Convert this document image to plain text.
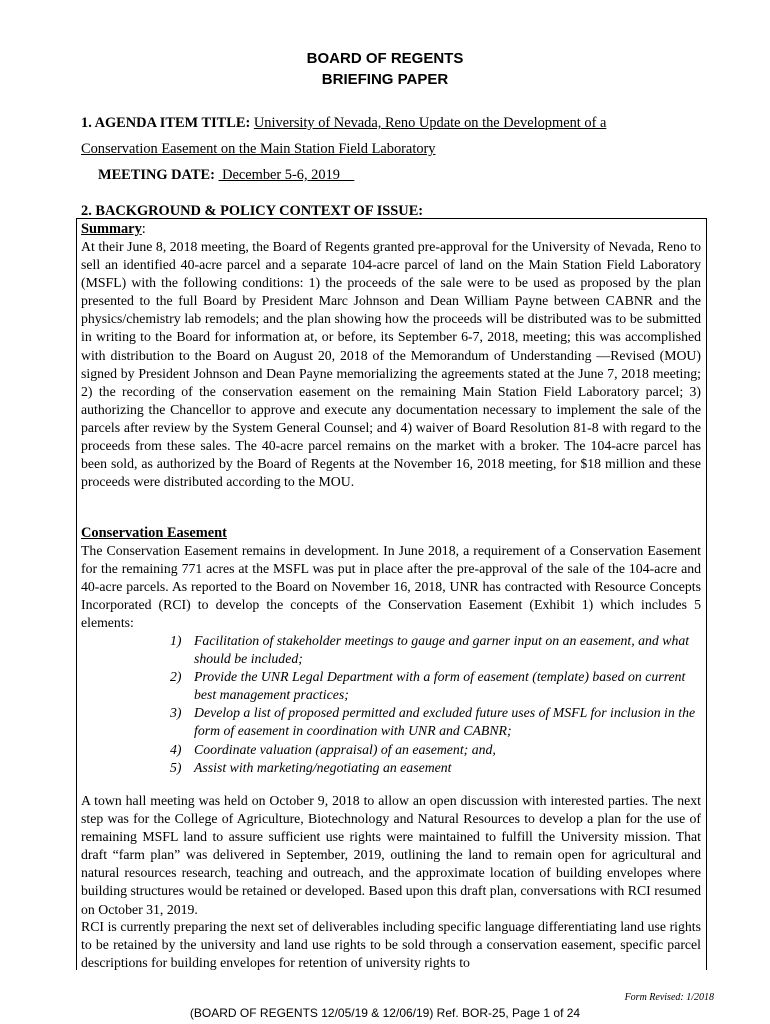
BOARD OF REGENTS
BRIEFING PAPER
1. AGENDA ITEM TITLE: University of Nevada, Reno Update on the Development of a
Conservation Easement on the Main Station Field Laboratory
MEETING DATE:  December 5-6, 2019
2. BACKGROUND & POLICY CONTEXT OF ISSUE:
Summary:
At their June 8, 2018 meeting, the Board of Regents granted pre-approval for the University of Nevada, Reno to sell an identified 40-acre parcel and a separate 104-acre parcel of land on the Main Station Field Laboratory (MSFL) with the following conditions: 1) the proceeds of the sale were to be used as proposed by the plan presented to the full Board by President Marc Johnson and Dean William Payne between CABNR and the physics/chemistry lab remodels; and the plan showing how the proceeds will be distributed was to be submitted in writing to the Board for information at, or before, its September 6-7, 2018, meeting; this was accomplished with distribution to the Board on August 20, 2018 of the Memorandum of Understanding —Revised (MOU) signed by President Johnson and Dean Payne memorializing the agreements stated at the June 7, 2018 meeting; 2) the recording of the conservation easement on the remaining Main Station Field Laboratory parcel; 3) authorizing the Chancellor to approve and execute any documentation necessary to implement the sale of the parcels after review by the System General Counsel; and 4) waiver of Board Resolution 81-8 with regard to the proceeds from these sales. The 40-acre parcel remains on the market with a broker. The 104-acre parcel has been sold, as authorized by the Board of Regents at the November 16, 2018 meeting, for $18 million and these proceeds were distributed according to the MOU.
Conservation Easement
The Conservation Easement remains in development. In June 2018, a requirement of a Conservation Easement for the remaining 771 acres at the MSFL was put in place after the pre-approval of the sale of the 104-acre and 40-acre parcels. As reported to the Board on November 16, 2018, UNR has contracted with Resource Concepts Incorporated (RCI) to develop the concepts of the Conservation Easement (Exhibit 1) which includes 5 elements:
1) Facilitation of stakeholder meetings to gauge and garner input on an easement, and what should be included;
2) Provide the UNR Legal Department with a form of easement (template) based on current best management practices;
3) Develop a list of proposed permitted and excluded future uses of MSFL for inclusion in the form of easement in coordination with UNR and CABNR;
4) Coordinate valuation (appraisal) of an easement; and,
5) Assist with marketing/negotiating an easement
A town hall meeting was held on October 9, 2018 to allow an open discussion with interested parties. The next step was for the College of Agriculture, Biotechnology and Natural Resources to develop a plan for the use of remaining MSFL land to assure sufficient use rights were maintained to fulfill the University mission. That draft “farm plan” was delivered in September, 2019, outlining the land to remain open for agricultural and natural resources research, teaching and outreach, and the approximate location of building envelopes where building structures would be retained or developed. Based upon this draft plan, conversations with RCI resumed on October 31, 2019.
RCI is currently preparing the next set of deliverables including specific language differentiating land use rights to be retained by the university and land use rights to be sold through a conservation easement, specific parcel descriptions for building envelopes for retention of university rights to
Form Revised: 1/2018
(BOARD OF REGENTS 12/05/19 & 12/06/19) Ref. BOR-25, Page 1 of 24
